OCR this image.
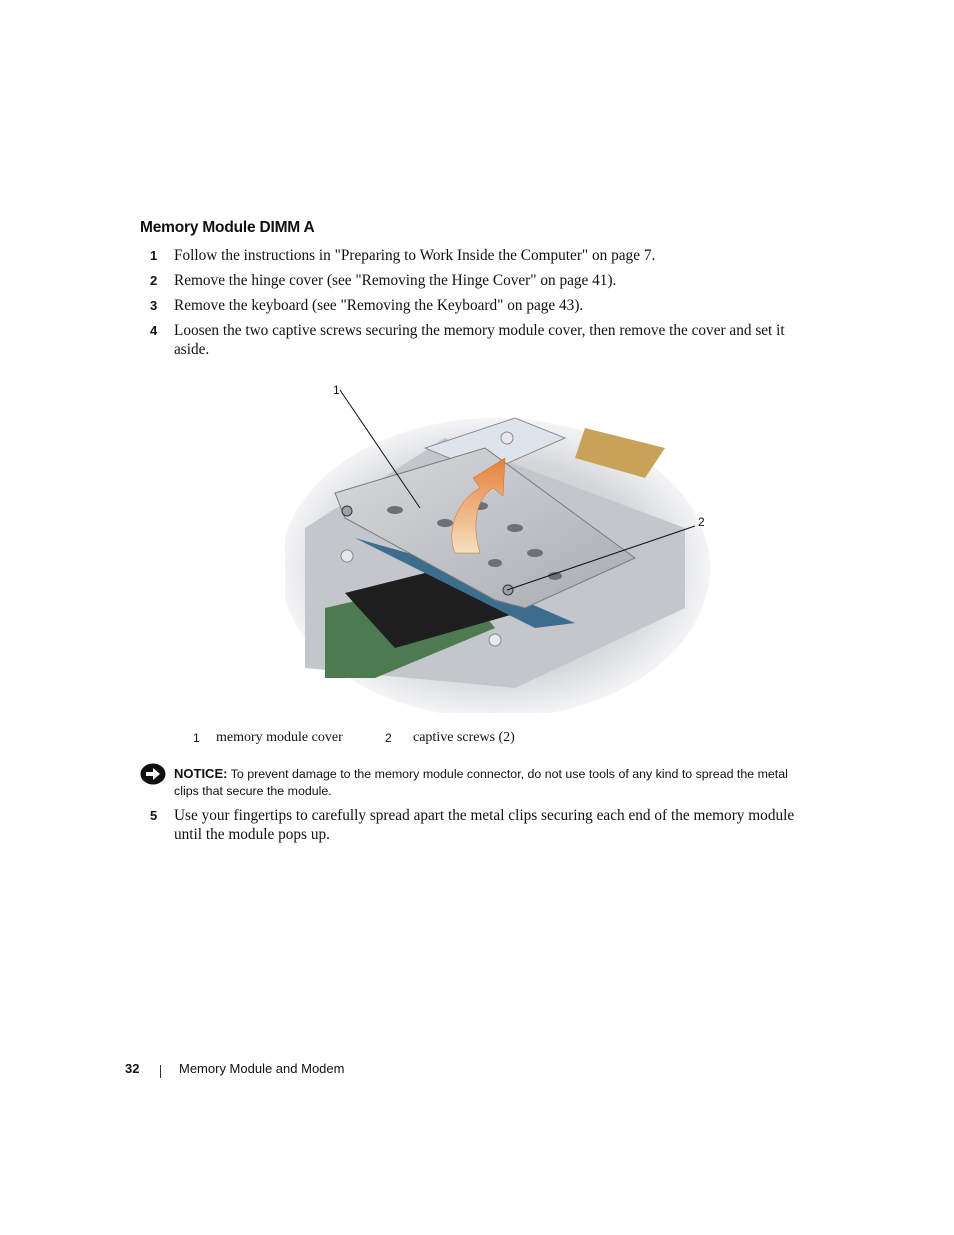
Memory Module DIMM A
1 Follow the instructions in "Preparing to Work Inside the Computer" on page 7.
2 Remove the hinge cover (see "Removing the Hinge Cover" on page 41).
3 Remove the keyboard (see "Removing the Keyboard" on page 43).
4 Loosen the two captive screws securing the memory module cover, then remove the cover and set it aside.
1
2
1 memory module cover	2 captive screws (2)
NOTICE: To prevent damage to the memory module connector, do not use tools of any kind to spread the metal clips that secure the module.
5 Use your fingertips to carefully spread apart the metal clips securing each end of the memory module until the module pops up.
32	Memory Module and Modem
